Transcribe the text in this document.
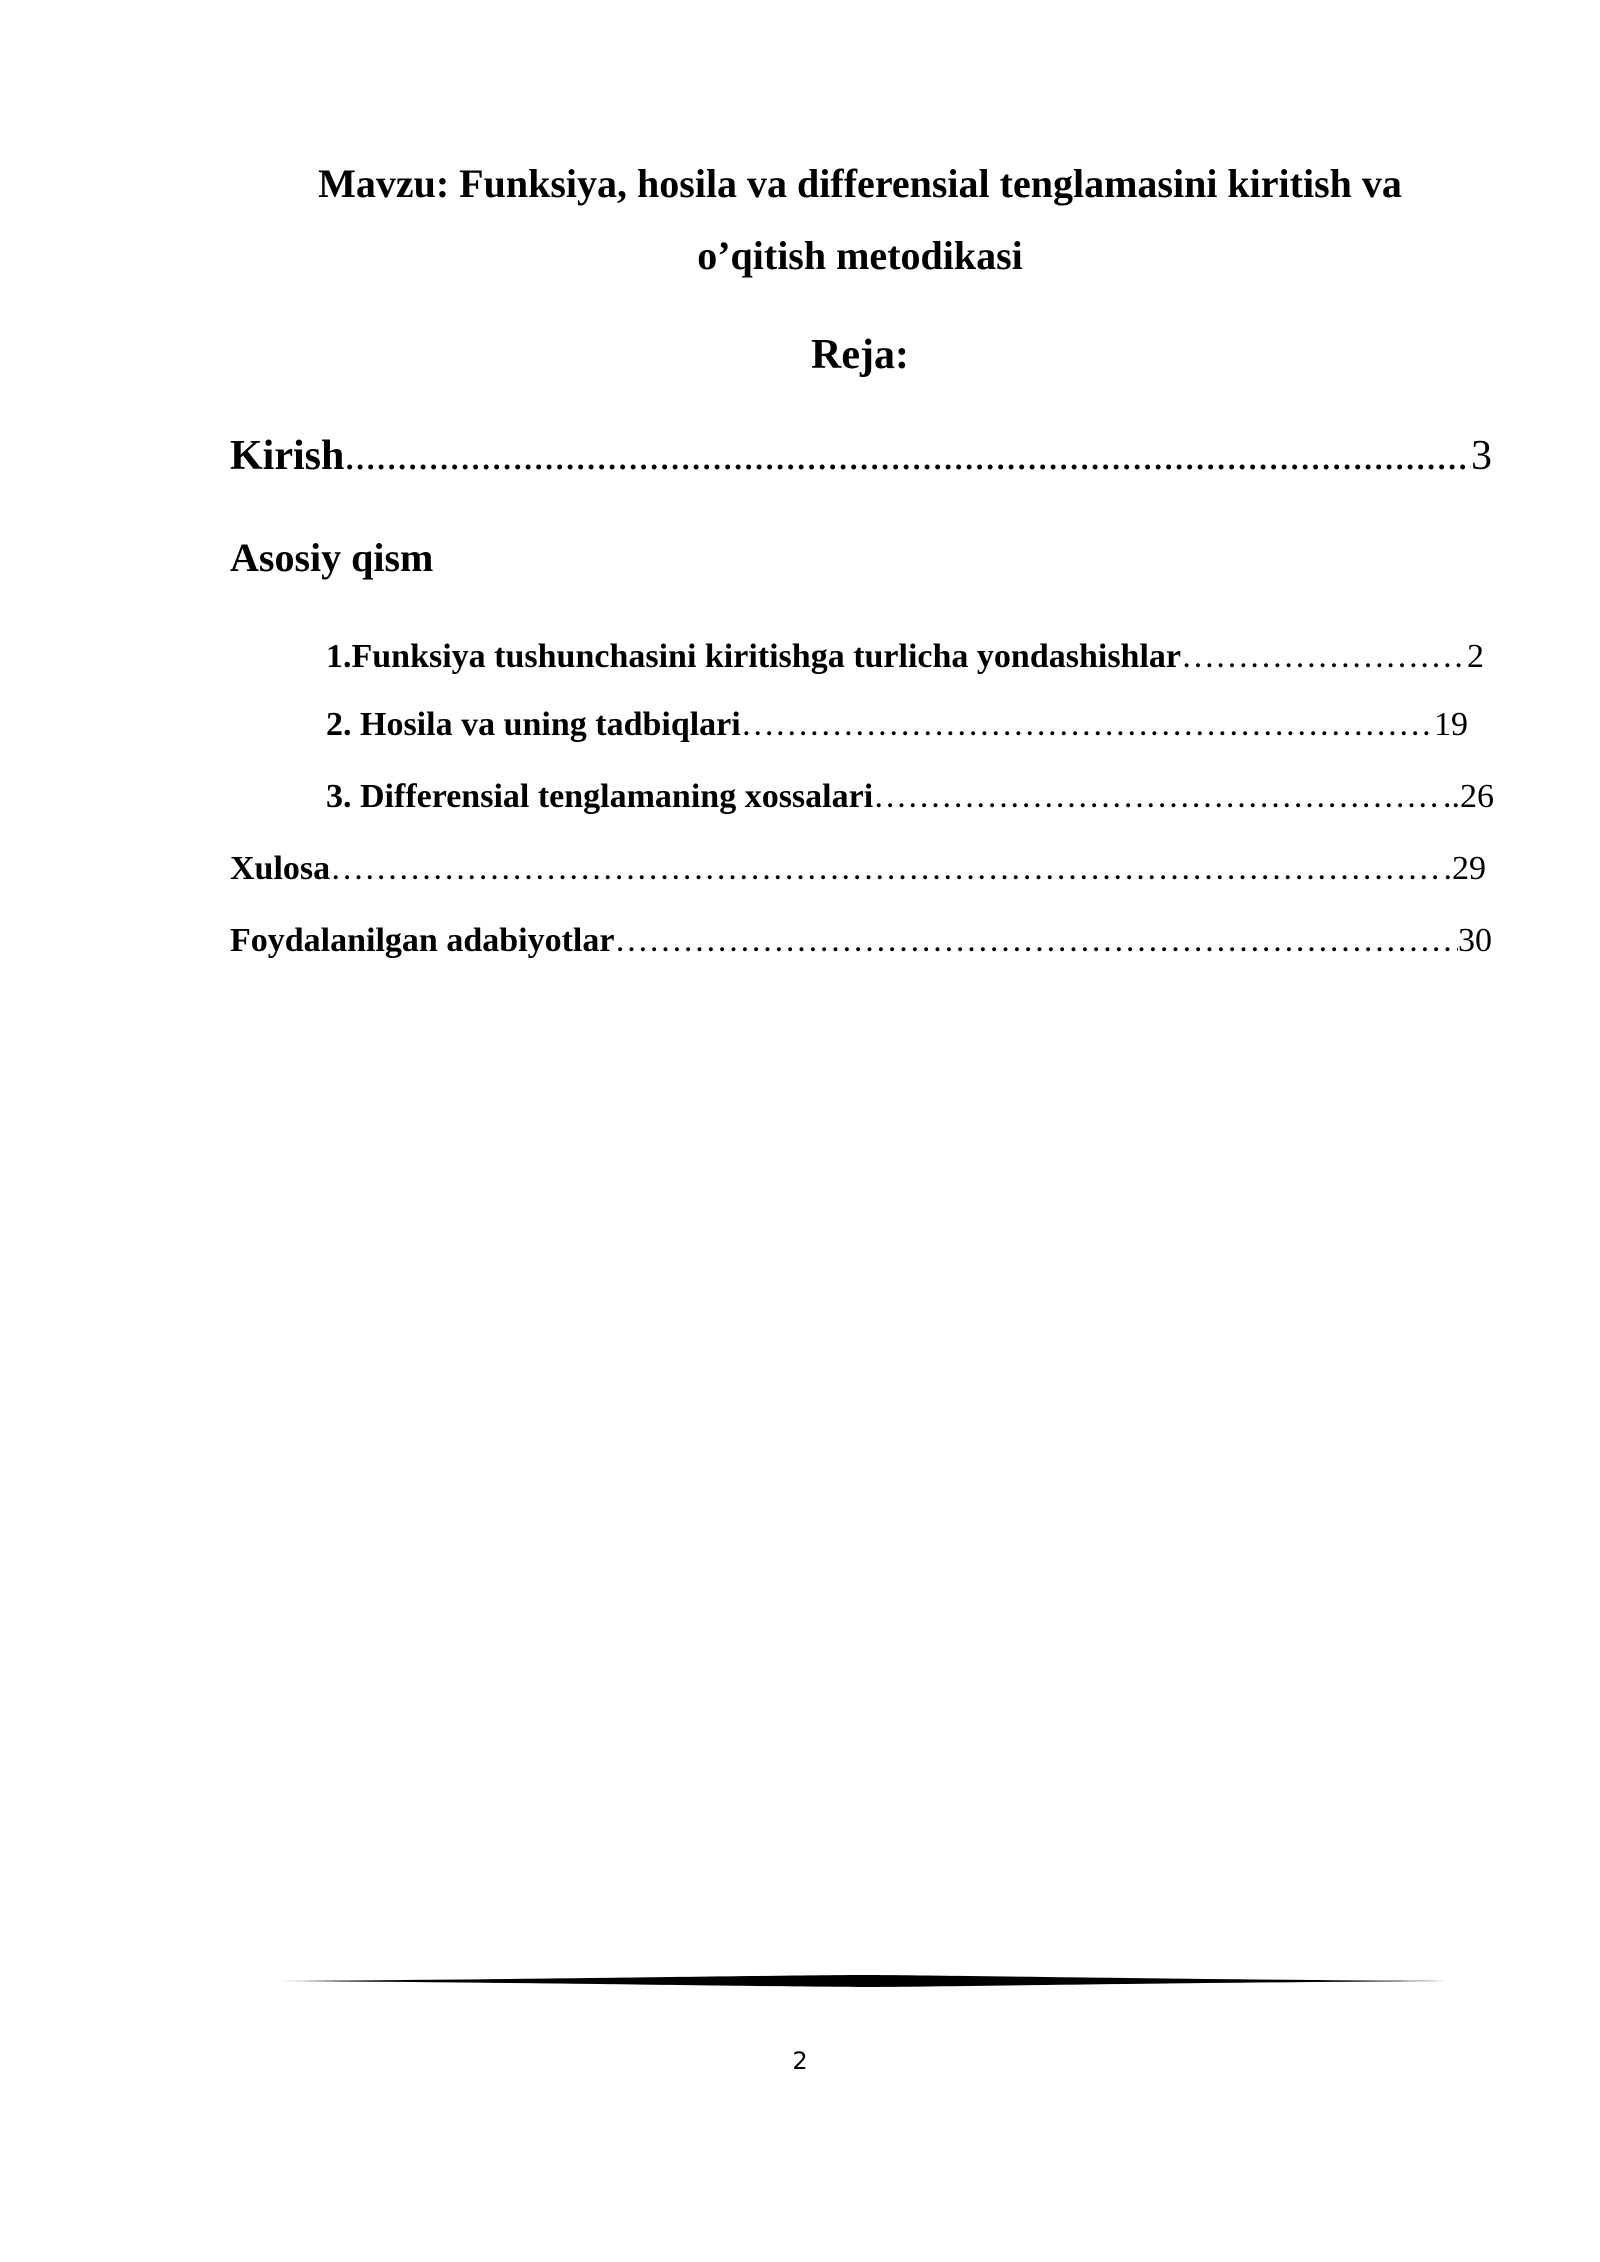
Mavzu: Funksiya, hosila va differensial tenglamasini kiritish va
o’qitish metodikasi
Reja:
Kirish .....	3
Asosiy qism
1.Funksiya tushunchasini kiritishga turlicha yondashishlar ……………………………………………………………………………………………………………………………………………………………………………………………………………………………………………………	2
2. Hosila va uning tadbiqlari ……………………………………………………………………………………………………………………………………………………………………………………………………………………………………………………	19
3. Differensial tenglamaning xossalari ……………………………………………………………………………………………………………………………………………………………………………………………………………………………………………………	..26
Xulosa ……………………………………………………………………………………………………………………………………………………………………………………………………………………………………………………	.29
Foydalanilgan adabiyotlar ……………………………………………………………………………………………………………………………………………………………………………………………………………………………………………………	30
2
